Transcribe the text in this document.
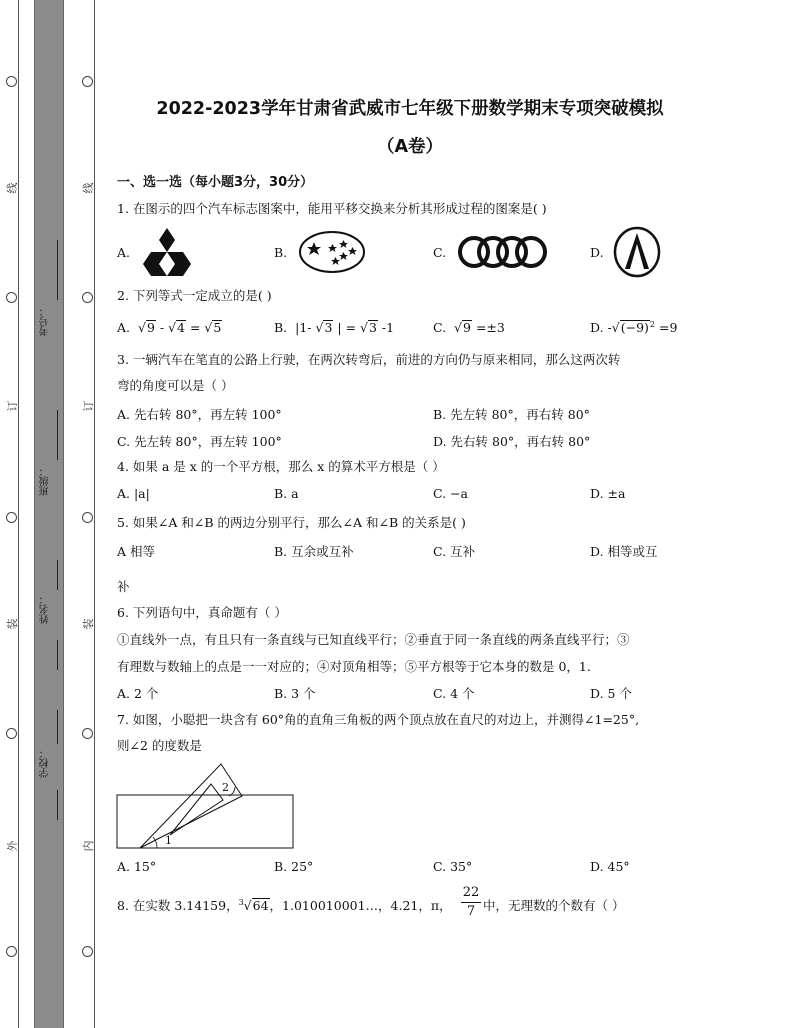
线
订
装
外
线
订
装
内
考号：
班级：
姓名：
学校：
2022-2023学年甘肃省武威市七年级下册数学期末专项突破模拟
（A卷）
一、选一选（每小题3分，30分）
1. 在图示的四个汽车标志图案中，能用平移交换来分析其形成过程的图案是( )
A.	B.	C.	D.
2. 下列等式一定成立的是( )
A.  √9 - √4 = √5	B. |1- √3 | = √3 -1	C.  √9 =±3	D. $-√(-9)^2 =9$
3. 一辆汽车在笔直的公路上行驶，在两次转弯后，前进的方向仍与原来相同，那么这两次转
弯的角度可以是（ ）
A. 先右转 80°，再左转 100°	B. 先左转 80°，再右转 80°
C. 先左转 80°，再左转 100°	D. 先右转 80°，再右转 80°
4. 如果 a 是 x 的一个平方根，那么 x 的算术平方根是（ ）
A. |a|	B. a	C. −a	D. ±a
5. 如果∠A 和∠B 的两边分别平行，那么∠A 和∠B 的关系是( )
A 相等	B. 互余或互补	C. 互补	D. 相等或互
补
6. 下列语句中，真命题有（ ）
①直线外一点，有且只有一条直线与已知直线平行；②垂直于同一条直线的两条直线平行；③
有理数与数轴上的点是一一对应的；④对顶角相等；⑤平方根等于它本身的数是 0，1.
A. 2 个	B. 3 个	C. 4 个	D. 5 个
7. 如图，小聪把一块含有 60°角的直角三角板的两个顶点放在直尺的对边上，并测得∠1=25°,
则∠2 的度数是
1
2
A. 15°	B. 25°	C. 35°	D. 45°
8. 在实数 3.14159，$^3$√64，1.010010001…，4.21，π，
22
7 中，无理数的个数有（ ）
